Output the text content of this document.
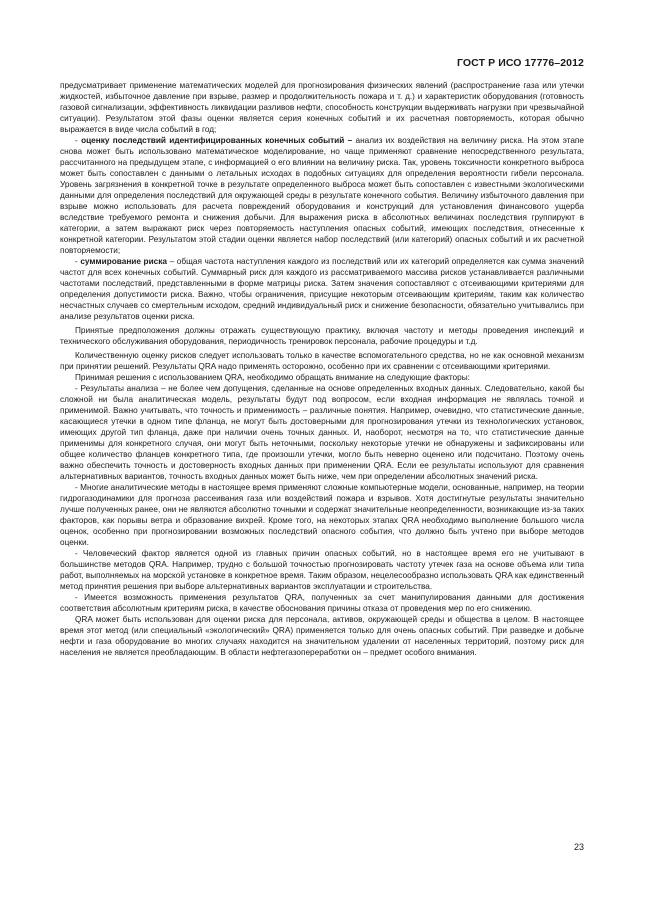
ГОСТ Р ИСО 17776–2012

предусматривает применение математических моделей для прогнозирования физических явлений (распространение газа или утечки жидкостей, избыточное давление при взрыве, размер и продолжительность пожара и т. д.) и характеристик оборудования (готовность газовой сигнализации, эффективность ликвидации разливов нефти, способность конструкции выдерживать нагрузки при чрезвычайной ситуации). Результатом этой фазы оценки является серия конечных событий и их расчетная повторяемость, которая обычно выражается в виде числа событий в год;

- оценку последствий идентифицированных конечных событий – анализ их воздействия на величину риска. На этом этапе снова может быть использовано математическое моделирование, но чаще применяют сравнение непосредственного результата, рассчитанного на предыдущем этапе, с информацией о его влиянии на величину риска. Так, уровень токсичности конкретного выброса может быть сопоставлен с данными о летальных исходах в подобных ситуациях для определения вероятности гибели персонала. Уровень загрязнения в конкретной точке в результате определенного выброса может быть сопоставлен с известными экологическими данными для определения последствий для окружающей среды в результате конечного события. Величину избыточного давления при взрыве можно использовать для расчета повреждений оборудования и конструкций для установления финансового ущерба вследствие требуемого ремонта и снижения добычи. Для выражения риска в абсолютных величинах последствия группируют в категории, а затем выражают риск через повторяемость наступления опасных событий, имеющих последствия, отнесенные к конкретной категории. Результатом этой стадии оценки является набор последствий (или категорий) опасных событий и их расчетной повторяемости;

- суммирование риска – общая частота наступления каждого из последствий или их категорий определяется как сумма значений частот для всех конечных событий. Суммарный риск для каждого из рассматриваемого массива рисков устанавливается различными частотами последствий, представленными в форме матрицы риска. Затем значения сопоставляют с отсеивающими критериями для определения допустимости риска. Важно, чтобы ограничения, присущие некоторым отсеивающим критериям, таким как количество несчастных случаев со смертельным исходом, средний индивидуальный риск и снижение безопасности, обязательно учитывались при анализе результатов оценки риска.

Принятые предположения должны отражать существующую практику, включая частоту и методы проведения инспекций и технического обслуживания оборудования, периодичность тренировок персонала, рабочие процедуры и т.д.

Количественную оценку рисков следует использовать только в качестве вспомогательного средства, но не как основной механизм при принятии решений. Результаты QRA надо применять осторожно, особенно при их сравнении с отсеивающими критериями.

Принимая решения с использованием QRA, необходимо обращать внимание на следующие факторы:

- Результаты анализа – не более чем допущения, сделанные на основе определенных входных данных. Следовательно, какой бы сложной ни была аналитическая модель, результаты будут под вопросом, если входная информация не являлась точной и применимой. Важно учитывать, что точность и применимость – различные понятия. Например, очевидно, что статистические данные, касающиеся утечки в одном типе фланца, не могут быть достоверными для прогнозирования утечки из технологических установок, имеющих другой тип фланца, даже при наличии очень точных данных. И, наоборот, несмотря на то, что статистические данные применимы для конкретного случая, они могут быть неточными, поскольку некоторые утечки не обнаружены и зафиксированы или общее количество фланцев конкретного типа, где произошли утечки, могло быть неверно оценено или подсчитано. Поэтому очень важно обеспечить точность и достоверность входных данных при применении QRA. Если ее результаты используют для сравнения альтернативных вариантов, точность входных данных может быть ниже, чем при определении абсолютных значений риска.

- Многие аналитические методы в настоящее время применяют сложные компьютерные модели, основанные, например, на теории гидрогазодинамики для прогноза рассеивания газа или воздействий пожара и взрывов. Хотя достигнутые результаты значительно лучше полученных ранее, они не являются абсолютно точными и содержат значительные неопределенности, возникающие из-за таких факторов, как порывы ветра и образование вихрей. Кроме того, на некоторых этапах QRA необходимо выполнение большого числа оценок, особенно при прогнозировании возможных последствий опасного события, что должно быть учтено при выборе методов оценки.

- Человеческий фактор является одной из главных причин опасных событий, но в настоящее время его не учитывают в большинстве методов QRA. Например, трудно с большой точностью прогнозировать частоту утечек газа на основе объема или типа работ, выполняемых на морской установке в конкретное время. Таким образом, нецелесообразно использовать QRA как единственный метод принятия решения при выборе альтернативных вариантов эксплуатации и строительства.

- Имеется возможность применения результатов QRA, полученных за счет манипулирования данными для достижения соответствия абсолютным критериям риска, в качестве обоснования причины отказа от проведения мер по его снижению.

QRA может быть использован для оценки риска для персонала, активов, окружающей среды и общества в целом. В настоящее время этот метод (или специальный «экологический» QRA) применяется только для очень опасных событий. При разведке и добыче нефти и газа оборудование во многих случаях находится на значительном удалении от населенных территорий, поэтому риск для населения не является преобладающим. В области нефтегазопереработки он – предмет особого внимания.

23
